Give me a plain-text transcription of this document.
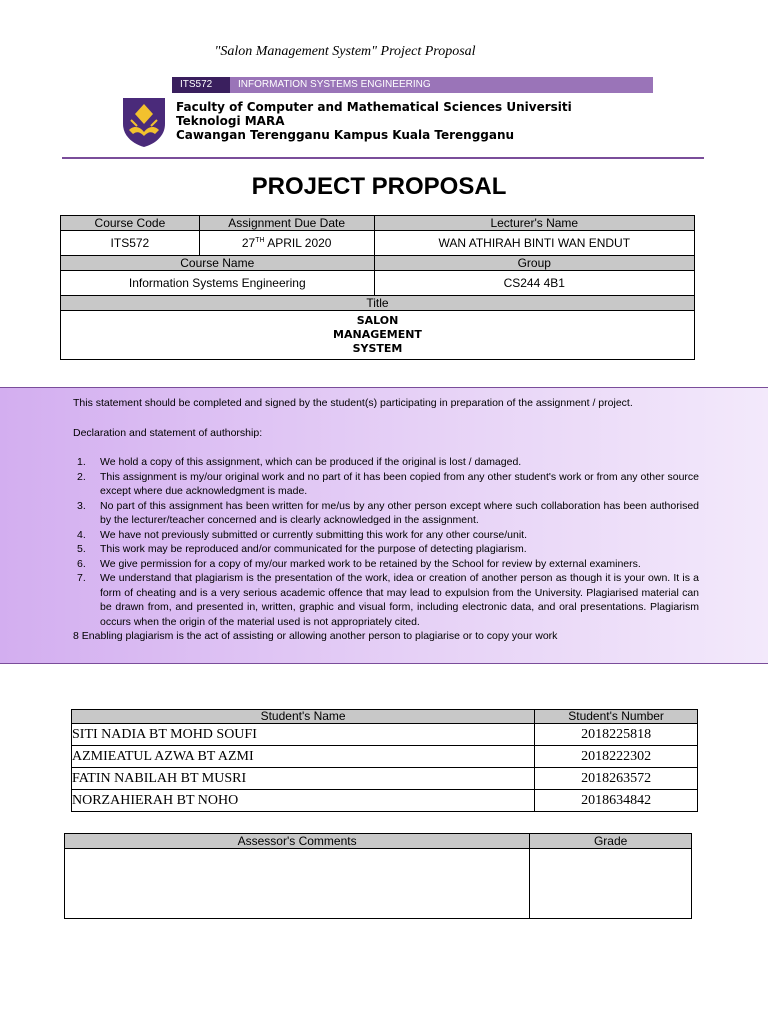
"Salon Management System" Project Proposal
ITS572	INFORMATION SYSTEMS ENGINEERING
Faculty of Computer and Mathematical Sciences Universiti Teknologi MARA
Cawangan Terengganu Kampus Kuala Terengganu
PROJECT PROPOSAL
Course Code	Assignment Due Date	Lecturer's Name
ITS572	27TH APRIL 2020	WAN ATHIRAH BINTI WAN ENDUT
Course Name		Group
Information Systems Engineering		CS244 4B1
Title		

SALON
MANAGEMENT
SYSTEM		

This statement should be completed and signed by the student(s) participating in preparation of the assignment / project.

Declaration and statement of authorship:

1. We hold a copy of this assignment, which can be produced if the original is lost / damaged.
2. This assignment is my/our original work and no part of it has been copied from any other student's work or from any other source except where due acknowledgment is made.
3. No part of this assignment has been written for me/us by any other person except where such collaboration has been authorised by the lecturer/teacher concerned and is clearly acknowledged in the assignment.
4. We have not previously submitted or currently submitting this work for any other course/unit.
5. This work may be reproduced and/or communicated for the purpose of detecting plagiarism.
6. We give permission for a copy of my/our marked work to be retained by the School for review by external examiners.
7. We understand that plagiarism is the presentation of the work, idea or creation of another person as though it is your own. It is a form of cheating and is a very serious academic offence that may lead to expulsion from the University. Plagiarised material can be drawn from, and presented in, written, graphic and visual form, including electronic data, and oral presentations. Plagiarism occurs when the origin of the material used is not appropriately cited.

8 Enabling plagiarism is the act of assisting or allowing another person to plagiarise or to copy your work

Student's Name	Student's Number
SITI NADIA BT MOHD SOUFI	2018225818
AZMIEATUL AZWA BT AZMI	2018222302
FATIN NABILAH BT MUSRI	2018263572
NORZAHIERAH BT NOHO	2018634842
Assessor's Comments	Grade
